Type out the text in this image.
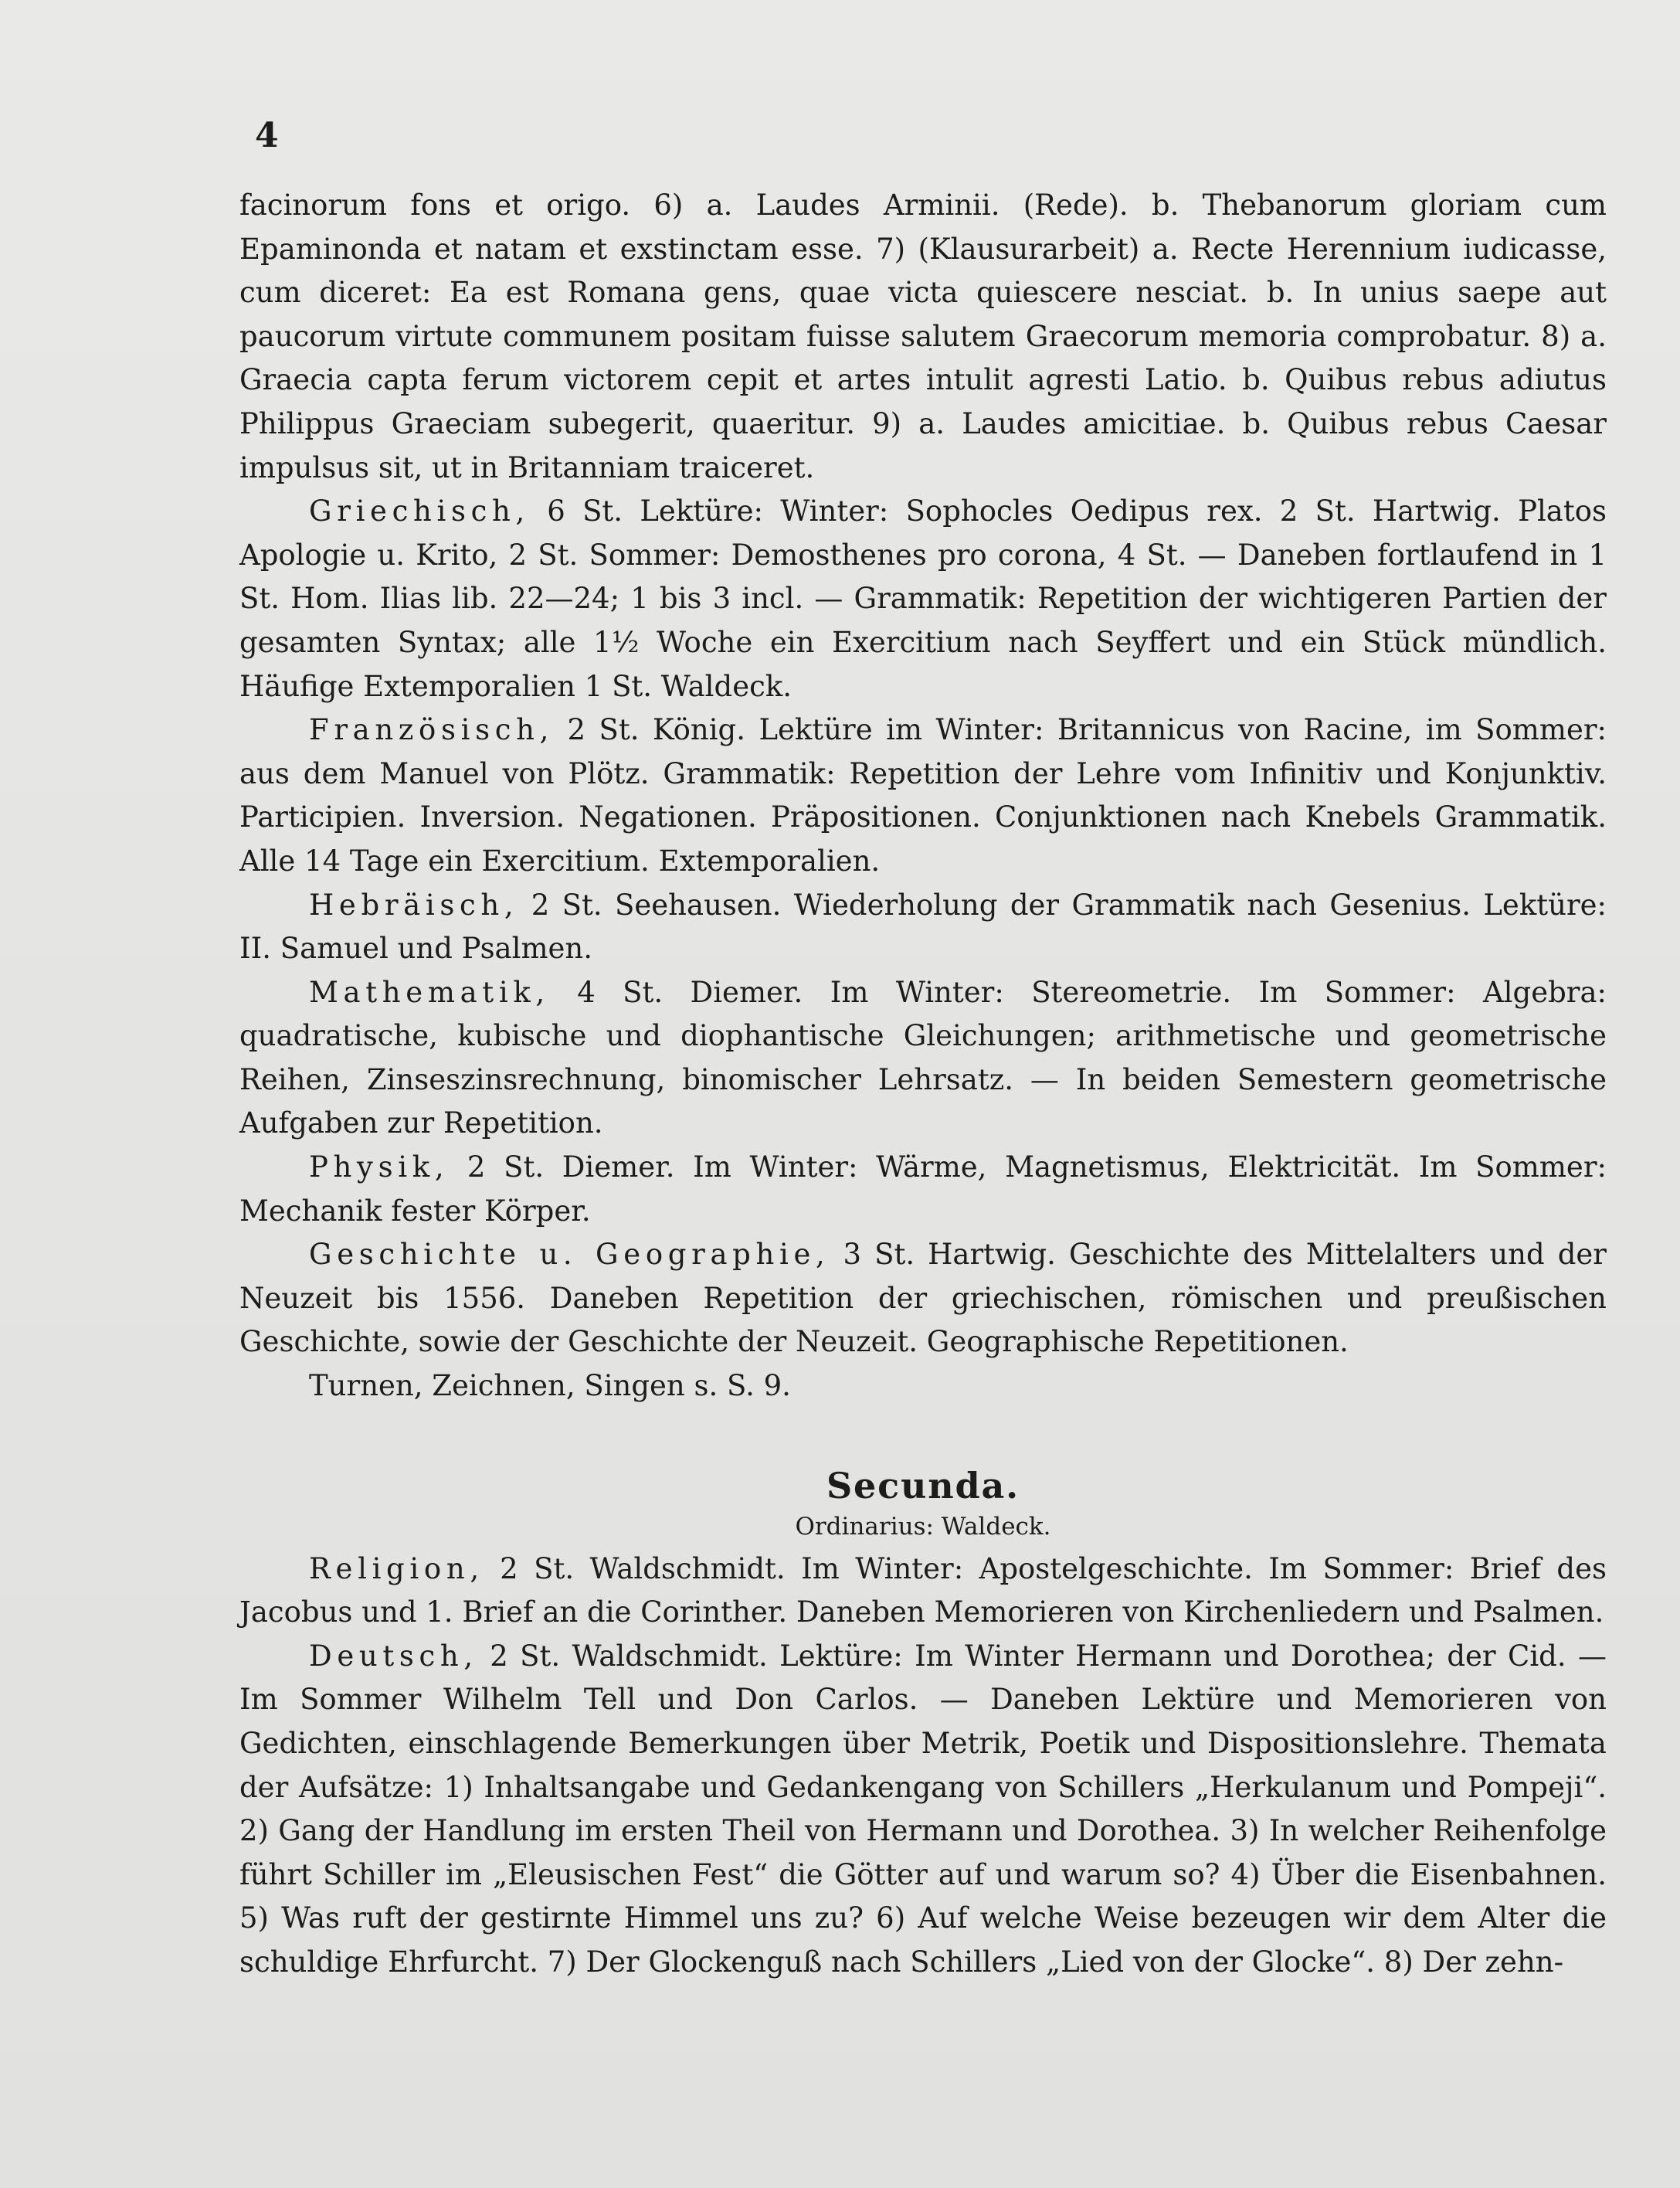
4

facinorum fons et origo. 6) a. Laudes Arminii. (Rede). b. Thebanorum gloriam cum Epaminonda et natam et exstinctam esse. 7) (Klausurarbeit) a. Recte Herennium iudicasse, cum diceret: Ea est Romana gens, quae victa quiescere nesciat. b. In unius saepe aut paucorum virtute communem positam fuisse salutem Graecorum memoria comprobatur. 8) a. Graecia capta ferum victorem cepit et artes intulit agresti Latio. b. Quibus rebus adiutus Philippus Graeciam subegerit, quaeritur. 9) a. Laudes amicitiae. b. Quibus rebus Caesar impulsus sit, ut in Britanniam traiceret.

Griechisch, 6 St. Lektüre: Winter: Sophocles Oedipus rex. 2 St. Hartwig. Platos Apologie u. Krito, 2 St. Sommer: Demosthenes pro corona, 4 St. — Daneben fortlaufend in 1 St. Hom. Ilias lib. 22—24; 1 bis 3 incl. — Grammatik: Repetition der wichtigeren Partien der gesamten Syntax; alle 1½ Woche ein Exercitium nach Seyffert und ein Stück mündlich. Häufige Extemporalien 1 St. Waldeck.

Französisch, 2 St. König. Lektüre im Winter: Britannicus von Racine, im Sommer: aus dem Manuel von Plötz. Grammatik: Repetition der Lehre vom Infinitiv und Konjunktiv. Participien. Inversion. Negationen. Präpositionen. Conjunktionen nach Knebels Grammatik. Alle 14 Tage ein Exercitium. Extemporalien.

Hebräisch, 2 St. Seehausen. Wiederholung der Grammatik nach Gesenius. Lektüre: II. Samuel und Psalmen.

Mathematik, 4 St. Diemer. Im Winter: Stereometrie. Im Sommer: Algebra: quadratische, kubische und diophantische Gleichungen; arithmetische und geometrische Reihen, Zinseszinsrechnung, binomischer Lehrsatz. — In beiden Semestern geometrische Aufgaben zur Repetition.

Physik, 2 St. Diemer. Im Winter: Wärme, Magnetismus, Elektricität. Im Sommer: Mechanik fester Körper.

Geschichte u. Geographie, 3 St. Hartwig. Geschichte des Mittelalters und der Neuzeit bis 1556. Daneben Repetition der griechischen, römischen und preußischen Geschichte, sowie der Geschichte der Neuzeit. Geographische Repetitionen.

Turnen, Zeichnen, Singen s. S. 9.

Secunda.

Ordinarius: Waldeck.

Religion, 2 St. Waldschmidt. Im Winter: Apostelgeschichte. Im Sommer: Brief des Jacobus und 1. Brief an die Corinther. Daneben Memorieren von Kirchenliedern und Psalmen.

Deutsch, 2 St. Waldschmidt. Lektüre: Im Winter Hermann und Dorothea; der Cid. — Im Sommer Wilhelm Tell und Don Carlos. — Daneben Lektüre und Memorieren von Gedichten, einschlagende Bemerkungen über Metrik, Poetik und Dispositionslehre. Themata der Aufsätze: 1) Inhaltsangabe und Gedankengang von Schillers „Herkulanum und Pompeji“. 2) Gang der Handlung im ersten Theil von Hermann und Dorothea. 3) In welcher Reihenfolge führt Schiller im „Eleusischen Fest“ die Götter auf und warum so? 4) Über die Eisenbahnen. 5) Was ruft der gestirnte Himmel uns zu? 6) Auf welche Weise bezeugen wir dem Alter die schuldige Ehrfurcht. 7) Der Glockenguß nach Schillers „Lied von der Glocke“. 8) Der zehn-
